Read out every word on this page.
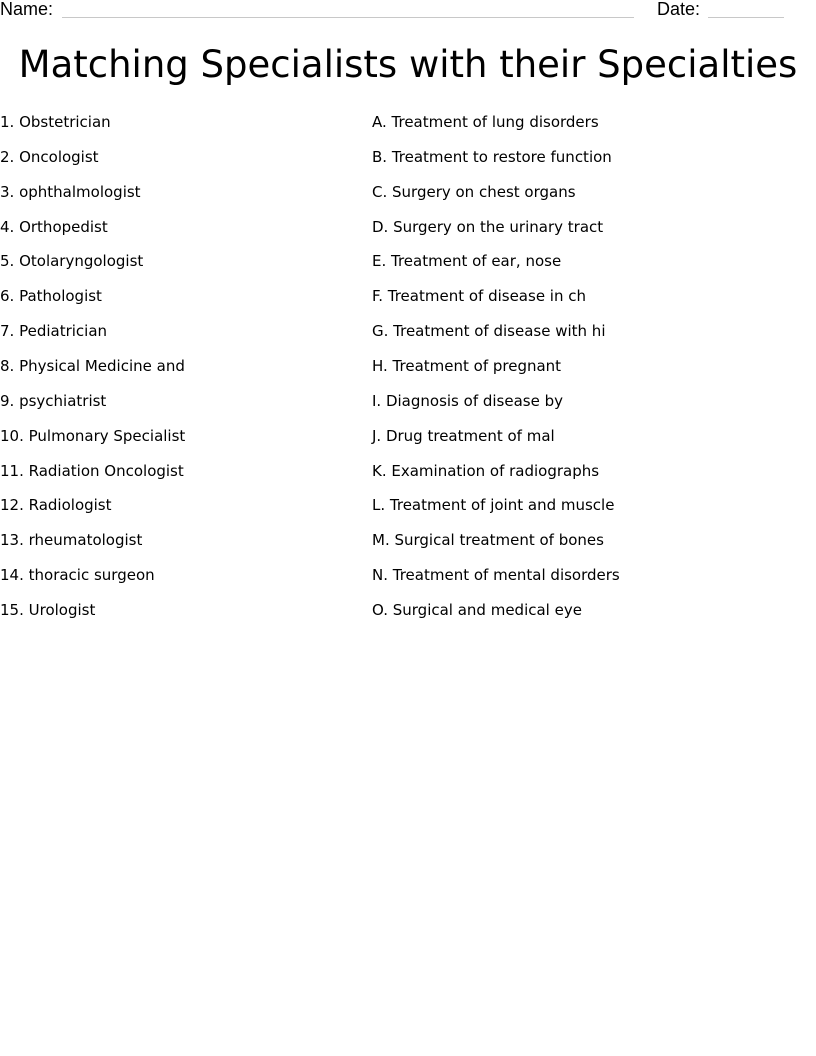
Name:	Date:
Matching Specialists with their Specialties
1. Obstetrician
2. Oncologist
3. ophthalmologist
4. Orthopedist
5. Otolaryngologist
6. Pathologist
7. Pediatrician
8. Physical Medicine and
9. psychiatrist
10. Pulmonary Specialist
11. Radiation Oncologist
12. Radiologist
13. rheumatologist
14. thoracic surgeon
15. Urologist
A. Treatment of lung disorders
B. Treatment to restore function
C. Surgery on chest organs
D. Surgery on the urinary tract
E. Treatment of ear, nose
F. Treatment of disease in ch
G. Treatment of disease with hi
H. Treatment of pregnant
I. Diagnosis of disease by
J. Drug treatment of mal
K. Examination of radiographs
L. Treatment of joint and muscle
M. Surgical treatment of bones
N. Treatment of mental disorders
O. Surgical and medical eye
